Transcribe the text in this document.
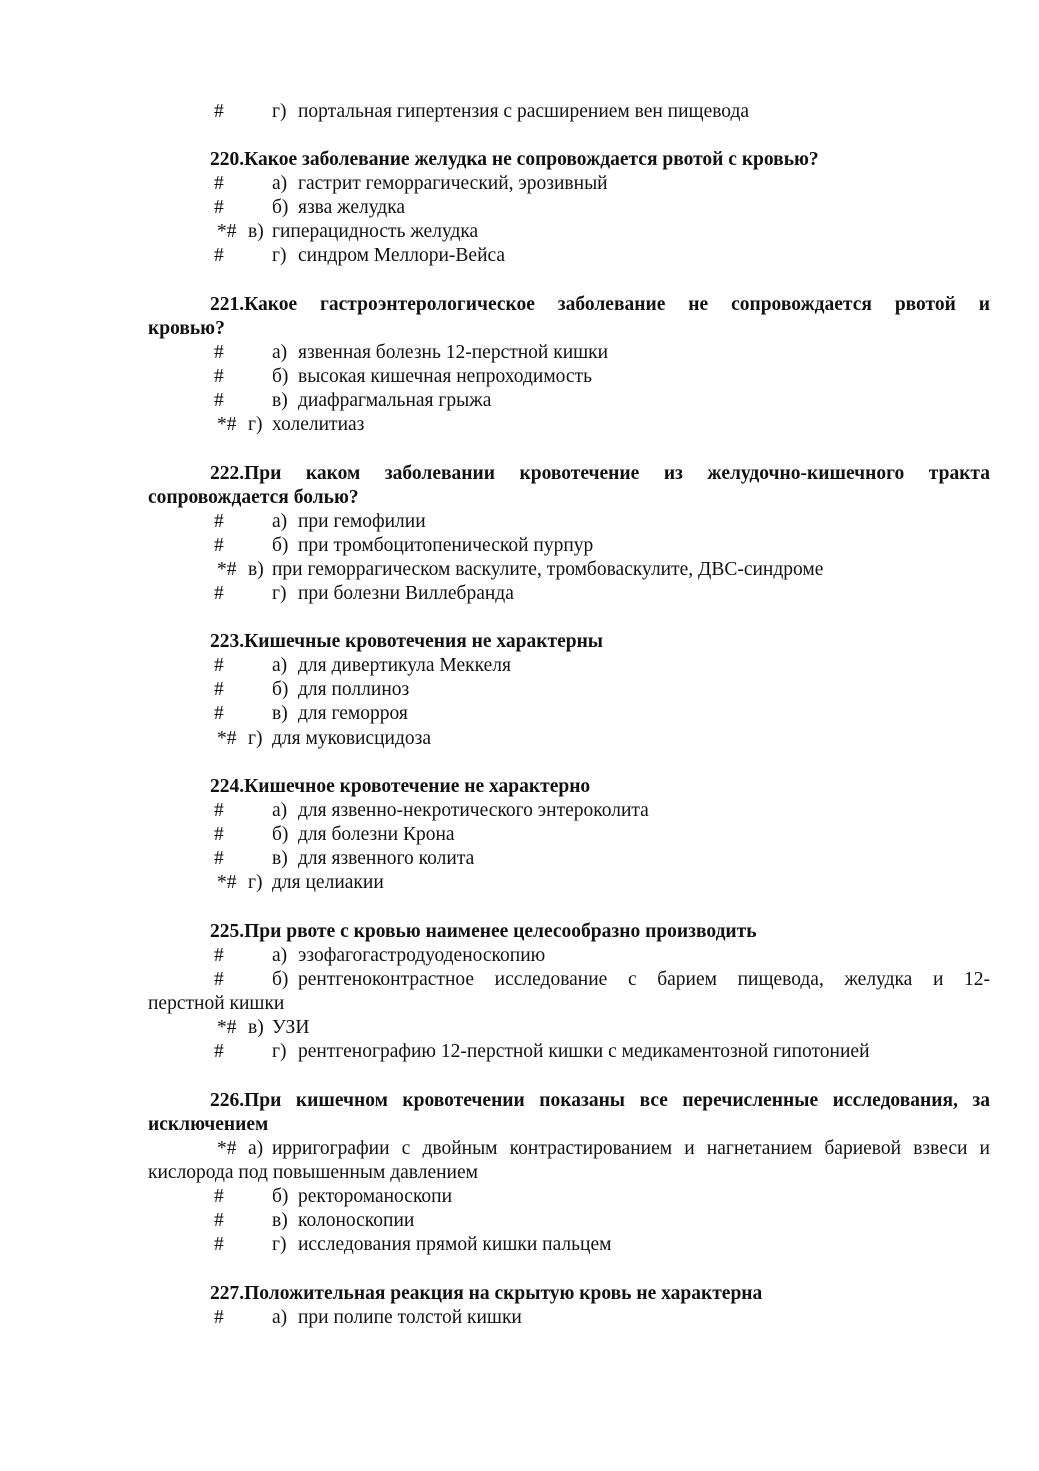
# г) портальная гипертензия с расширением вен пищевода
220.Какое заболевание желудка не сопровождается рвотой с кровью?
# а) гастрит геморрагический, эрозивный
# б) язва желудка
*# в) гиперацидность желудка
# г) синдром Меллори-Вейса
221.Какое гастроэнтерологическое заболевание не сопровождается рвотой и
кровью?
# а) язвенная болезнь 12-перстной кишки
# б) высокая кишечная непроходимость
# в) диафрагмальная грыжа
*# г) холелитиаз
222.При каком заболевании кровотечение из желудочно-кишечного тракта
сопровождается болью?
# а) при гемофилии
# б) при тромбоцитопенической пурпур
*# в) при геморрагическом васкулите, тромбоваскулите, ДВС-синдроме
# г) при болезни Виллебранда
223.Кишечные кровотечения не характерны
# а) для дивертикула Меккеля
# б) для поллиноз
# в) для геморроя
*# г) для муковисцидоза
224.Кишечное кровотечение не характерно
# а) для язвенно-некротического энтероколита
# б) для болезни Крона
# в) для язвенного колита
*# г) для целиакии
225.При рвоте с кровью наименее целесообразно производить
# а) эзофагогастродуоденоскопию
# б) рентгеноконтрастное исследование с барием пищевода, желудка и 12-
перстной кишки
*# в) УЗИ
# г) рентгенографию 12-перстной кишки с медикаментозной гипотонией
226.При кишечном кровотечении показаны все перечисленные исследования, за
исключением
*# а) ирригографии с двойным контрастированием и нагнетанием бариевой взвеси и
кислорода под повышенным давлением
# б) ректороманоскопи
# в) колоноскопии
# г) исследования прямой кишки пальцем
227.Положительная реакция на скрытую кровь не характерна
# а) при полипе толстой кишки
